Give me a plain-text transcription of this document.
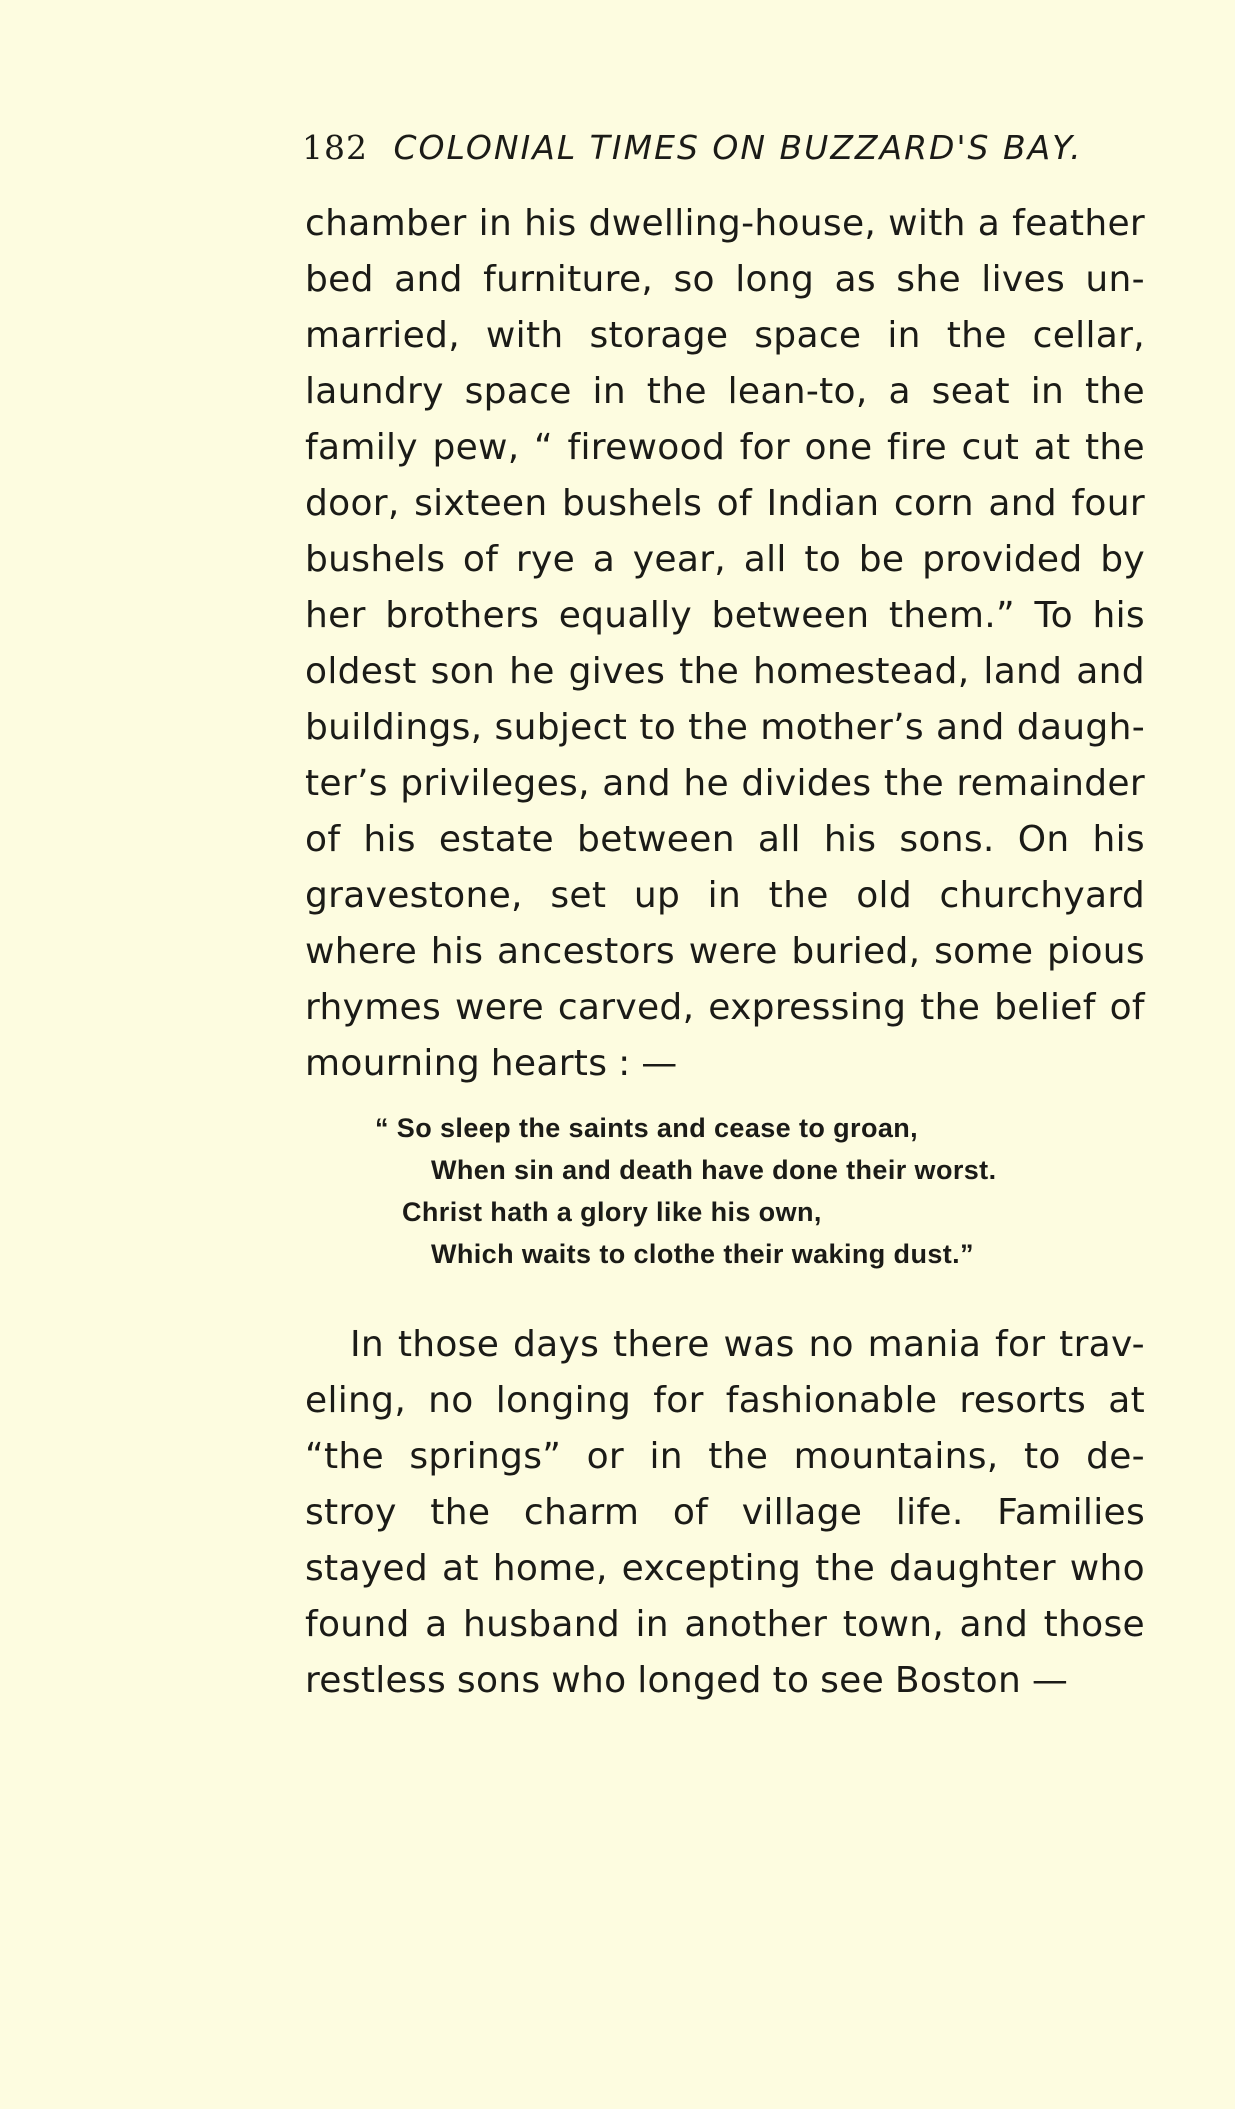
182 COLONIAL TIMES ON BUZZARD'S BAY.
chamber in his dwelling-house, with a feather
bed and furniture, so long as she lives un-
married, with storage space in the cellar,
laundry space in the lean-to, a seat in the
family pew, “ firewood for one fire cut at the
door, sixteen bushels of Indian corn and four
bushels of rye a year, all to be provided by
her brothers equally between them.” To his
oldest son he gives the homestead, land and
buildings, subject to the mother’s and daugh-
ter’s privileges, and he divides the remainder
of his estate between all his sons. On his
gravestone, set up in the old churchyard
where his ancestors were buried, some pious
rhymes were carved, expressing the belief of
mourning hearts : —
“ So sleep the saints and cease to groan,
When sin and death have done their worst.
Christ hath a glory like his own,
Which waits to clothe their waking dust.”
In those days there was no mania for trav-
eling, no longing for fashionable resorts at
“the springs” or in the mountains, to de-
stroy the charm of village life. Families
stayed at home, excepting the daughter who
found a husband in another town, and those
restless sons who longed to see Boston —
